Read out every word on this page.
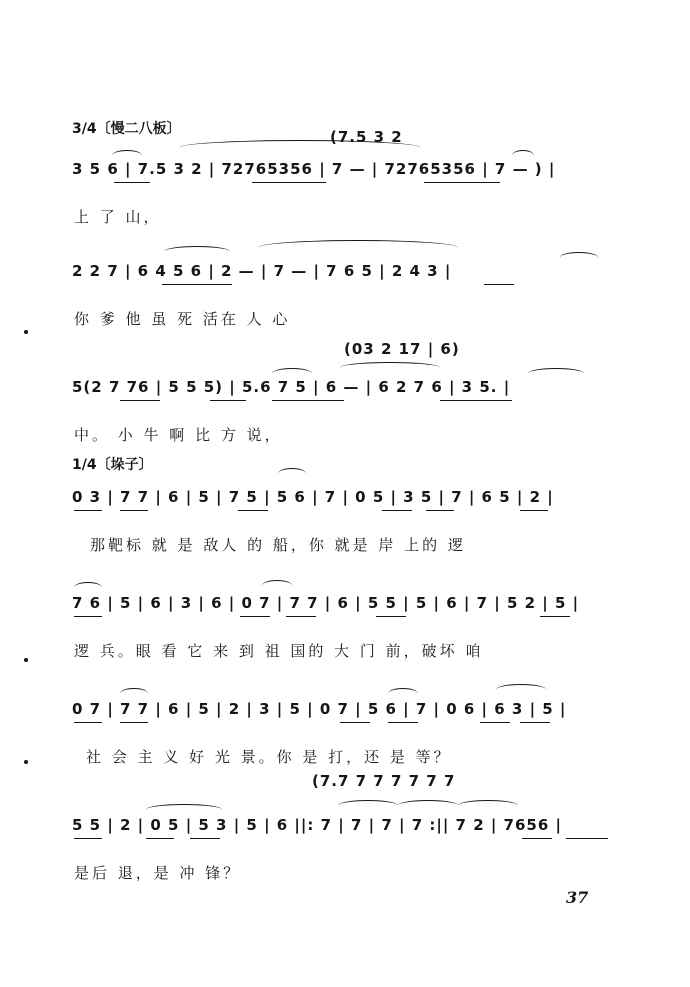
3/4〔慢二八板〕	(7.5 3 2
3 5 6 | 7.5 3 2 | 72765356 | 7 — | 72765356 | 7 — ) |
上 了 山，
2 2 7 | 6 4 5 6 | 2 — | 7 — | 7 6 5 | 2 4 3 |
你 爹 他 虽 死 活在 人 心
(03 2 17 | 6)
5(2 7 76 | 5 5 5) | 5.6 7 5 | 6 — | 6 2 7 6 | 3 5. |
中。 小 牛 啊 比 方 说，
1/4〔垛子〕
0 3 | 7 7 | 6 | 5 | 7 5 | 5 6 | 7 | 0 5 | 3 5 | 7 | 6 5 | 2 |
那靶标 就 是 敌人 的 船，你 就是 岸 上的 逻
7 6 | 5 | 6 | 3 | 6 | 0 7 | 7 7 | 6 | 5 5 | 5 | 6 | 7 | 5 2 | 5 |
逻 兵。眼 看 它 来 到 祖 国的 大 门 前，破坏 咱
0 7 | 7 7 | 6 | 5 | 2 | 3 | 5 | 0 7 | 5 6 | 7 | 0 6 | 6 3 | 5 |
社 会 主 义 好 光 景。你 是 打，还 是 等？
(7.7 7 7 7 7 7 7
5 5 | 2 | 0 5 | 5 3 | 5 | 6 ||: 7 | 7 | 7 | 7 :|| 7 2 | 7656 |
是后 退，是 冲 锋？
37
